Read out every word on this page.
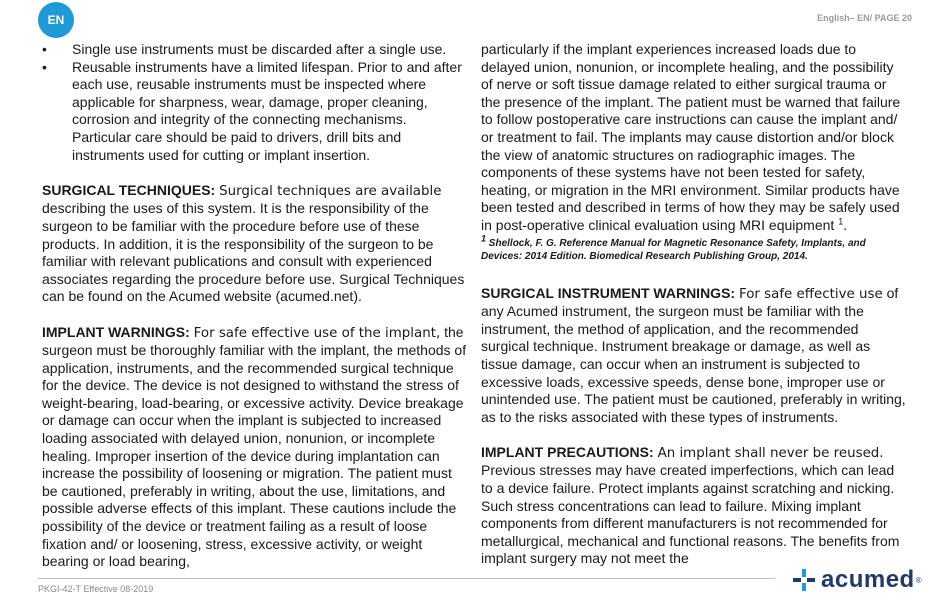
EN	English– EN/ PAGE 20
• Single use instruments must be discarded after a single use.
• Reusable instruments have a limited lifespan. Prior to and after each use, reusable instruments must be inspected where applicable for sharpness, wear, damage, proper cleaning, corrosion and integrity of the connecting mechanisms. Particular care should be paid to drivers, drill bits and instruments used for cutting or implant insertion.

SURGICAL TECHNIQUES: Surgical techniques are available describing the uses of this system. It is the responsibility of the surgeon to be familiar with the procedure before use of these products. In addition, it is the responsibility of the surgeon to be familiar with relevant publications and consult with experienced associates regarding the procedure before use. Surgical Techniques can be found on the Acumed website (acumed.net).

IMPLANT WARNINGS: For safe effective use of the implant, the surgeon must be thoroughly familiar with the implant, the methods of application, instruments, and the recommended surgical technique for the device. The device is not designed to withstand the stress of weight-bearing, load-bearing, or excessive activity. Device breakage or damage can occur when the implant is subjected to increased loading associated with delayed union, nonunion, or incomplete healing. Improper insertion of the device during implantation can increase the possibility of loosening or migration. The patient must be cautioned, preferably in writing, about the use, limitations, and possible adverse effects of this implant. These cautions include the possibility of the device or treatment failing as a result of loose fixation and/ or loosening, stress, excessive activity, or weight bearing or load bearing,

particularly if the implant experiences increased loads due to delayed union, nonunion, or incomplete healing, and the possibility of nerve or soft tissue damage related to either surgical trauma or the presence of the implant. The patient must be warned that failure to follow postoperative care instructions can cause the implant and/ or treatment to fail. The implants may cause distortion and/or block the view of anatomic structures on radiographic images. The components of these systems have not been tested for safety, heating, or migration in the MRI environment. Similar products have been tested and described in terms of how they may be safely used in post-operative clinical evaluation using MRI equipment $^1$.

$^1$ Shellock, F. G. Reference Manual for Magnetic Resonance Safety, Implants, and Devices: 2014 Edition. Biomedical Research Publishing Group, 2014.

SURGICAL INSTRUMENT WARNINGS: For safe effective use of any Acumed instrument, the surgeon must be familiar with the instrument, the method of application, and the recommended surgical technique. Instrument breakage or damage, as well as tissue damage, can occur when an instrument is subjected to excessive loads, excessive speeds, dense bone, improper use or unintended use. The patient must be cautioned, preferably in writing, as to the risks associated with these types of instruments.

IMPLANT PRECAUTIONS: An implant shall never be reused. Previous stresses may have created imperfections, which can lead to a device failure. Protect implants against scratching and nicking. Such stress concentrations can lead to failure. Mixing implant components from different manufacturers is not recommended for metallurgical, mechanical and functional reasons. The benefits from implant surgery may not meet the

PKGI-42-T Effective 08-2019	acumed ®
